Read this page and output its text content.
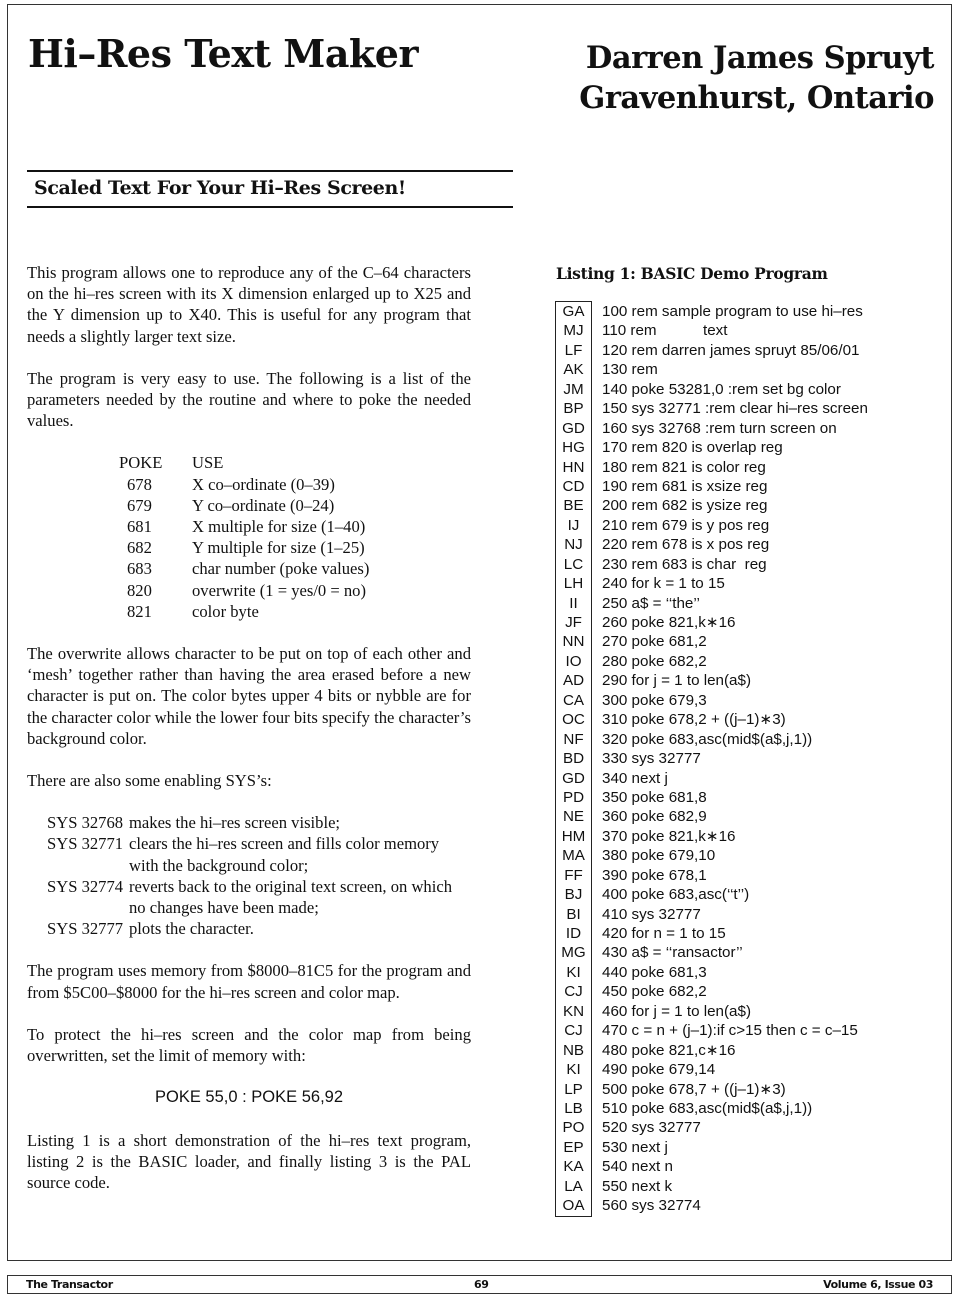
Hi–Res Text Maker	Darren James Spruyt
Gravenhurst, Ontario
Scaled Text For Your Hi–Res Screen!

This program allows one to reproduce any of the C–64 characters on the hi–res screen with its X dimension enlarged up to X25 and the Y dimension up to X40. This is useful for any program that needs a slightly larger text size.

The program is very easy to use. The following is a list of the parameters needed by the routine and where to poke the needed values.

POKE	USE
678	X co–ordinate (0–39)
679	Y co–ordinate (0–24)
681	X multiple for size (1–40)
682	Y multiple for size (1–25)
683	char number (poke values)
820	overwrite (1 = yes/0 = no)
821	color byte

The overwrite allows character to be put on top of each other and ‘mesh’ together rather than having the area erased before a new character is put on. The color bytes upper 4 bits or nybble are for the character color while the lower four bits specify the character’s background color.

There are also some enabling SYS’s:

SYS 32768 makes the hi–res screen visible;
SYS 32771 clears the hi–res screen and fills color memory
with the background color;
SYS 32774 reverts back to the original text screen, on which
no changes have been made;
SYS 32777 plots the character.

The program uses memory from $8000–81C5 for the program and from $5C00–$8000 for the hi–res screen and color map.

To protect the hi–res screen and the color map from being overwritten, set the limit of memory with:

POKE 55,0 : POKE 56,92

Listing 1 is a short demonstration of the hi–res text program, listing 2 is the BASIC loader, and finally listing 3 is the PAL source code.

Listing 1: BASIC Demo Program
GA	100 rem sample program to use hi–res
MJ	110 rem           text
LF	120 rem darren james spruyt 85/06/01
AK	130 rem
JM	140 poke 53281,0 :rem set bg color
BP	150 sys 32771 :rem clear hi–res screen
GD	160 sys 32768 :rem turn screen on
HG	170 rem 820 is overlap reg
HN	180 rem 821 is color reg
CD	190 rem 681 is xsize reg
BE	200 rem 682 is ysize reg
IJ	210 rem 679 is y pos reg
NJ	220 rem 678 is x pos reg
LC	230 rem 683 is char  reg
LH	240 for k = 1 to 15
II	250 a$ = ‘‘the’’
JF	260 poke 821,k∗16
NN	270 poke 681,2
IO	280 poke 682,2
AD	290 for j = 1 to len(a$)
CA	300 poke 679,3
OC	310 poke 678,2 + ((j–1)∗3)
NF	320 poke 683,asc(mid$(a$,j,1))
BD	330 sys 32777
GD	340 next j
PD	350 poke 681,8
NE	360 poke 682,9
HM	370 poke 821,k∗16
MA	380 poke 679,10
FF	390 poke 678,1
BJ	400 poke 683,asc(‘‘t’’)
BI	410 sys 32777
ID	420 for n = 1 to 15
MG	430 a$ = ‘‘ransactor’’
KI	440 poke 681,3
CJ	450 poke 682,2
KN	460 for j = 1 to len(a$)
CJ	470 c = n + (j–1):if c>15 then c = c–15
NB	480 poke 821,c∗16
KI	490 poke 679,14
LP	500 poke 678,7 + ((j–1)∗3)
LB	510 poke 683,asc(mid$(a$,j,1))
PO	520 sys 32777
EP	530 next j
KA	540 next n
LA	550 next k
OA	560 sys 32774
The Transactor	69	Volume 6, Issue 03
